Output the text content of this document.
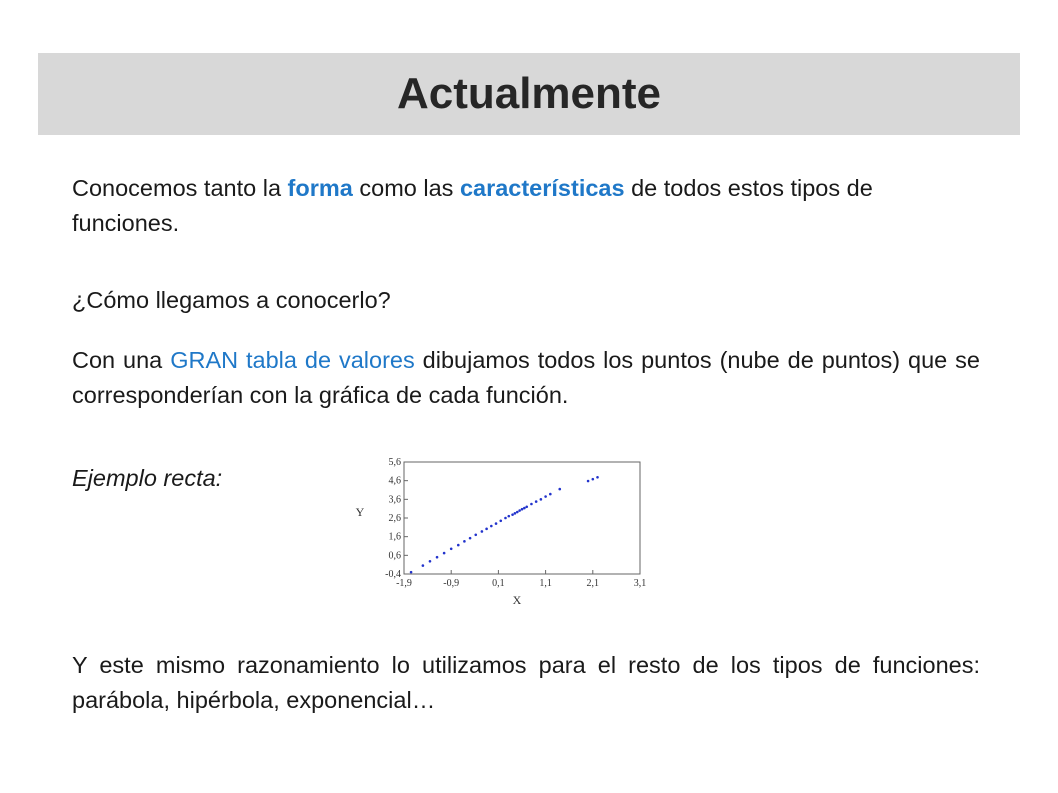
Actualmente
Conocemos tanto la forma como las características de todos estos tipos de funciones.
¿Cómo llegamos a conocerlo?
Con una GRAN tabla de valores dibujamos todos los puntos (nube de puntos) que se corresponderían con la gráfica de cada función.
Ejemplo recta:
-1,9	-0,9	0,1	1,1	2,1	3,1
5,6
4,6
3,6
2,6
1,6
0,6
-0,4
X
Y
Y este mismo razonamiento lo utilizamos para el resto de los tipos de funciones: parábola, hipérbola, exponencial…
